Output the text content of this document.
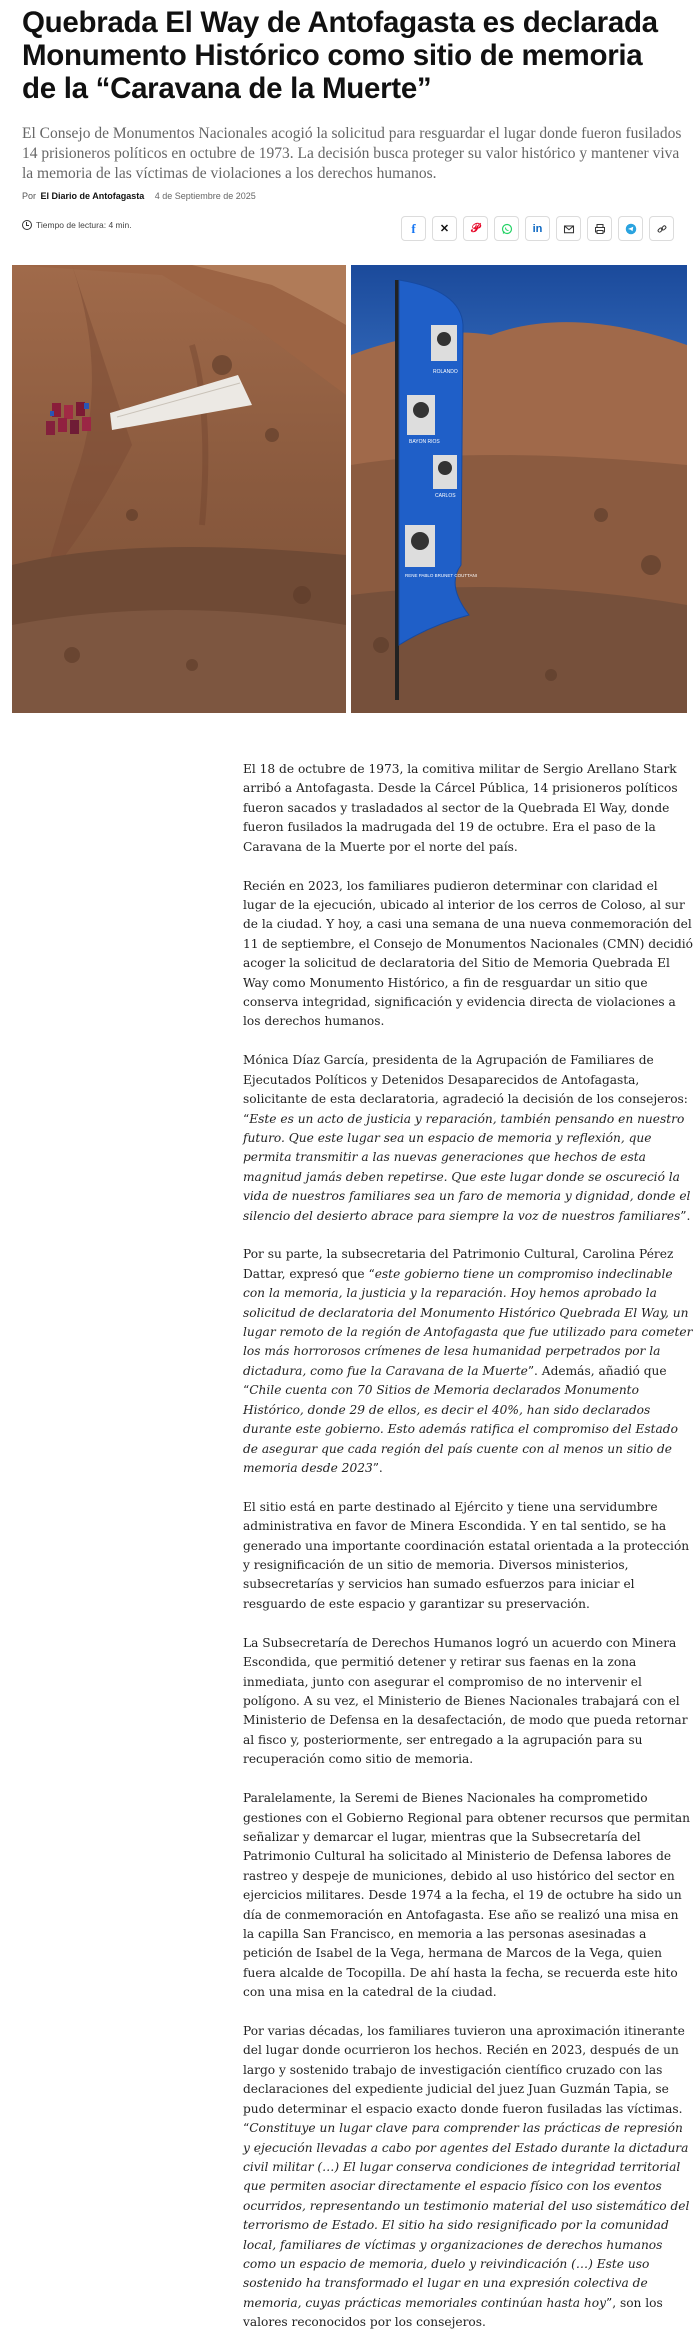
Quebrada El Way de Antofagasta es declarada Monumento Histórico como sitio de memoria de la “Caravana de la Muerte”

El Consejo de Monumentos Nacionales acogió la solicitud para resguardar el lugar donde fueron fusilados 14 prisioneros políticos en octubre de 1973. La decisión busca proteger su valor histórico y mantener viva la memoria de las víctimas de violaciones a los derechos humanos.

Por El Diario de Antofagasta 4 de Septiembre de 2025
Tiempo de lectura: 4 min.	f ✕ 𝒫	in
BAYON RIOS
ROLANDO
CARLOS
RENE PABLO BRUNET COUTTANI

El 18 de octubre de 1973, la comitiva militar de Sergio Arellano Stark arribó a Antofagasta. Desde la Cárcel Pública, 14 prisioneros políticos fueron sacados y trasladados al sector de la Quebrada El Way, donde fueron fusilados la madrugada del 19 de octubre. Era el paso de la Caravana de la Muerte por el norte del país.

Recién en 2023, los familiares pudieron determinar con claridad el lugar de la ejecución, ubicado al interior de los cerros de Coloso, al sur de la ciudad. Y hoy, a casi una semana de una nueva conmemoración del 11 de septiembre, el Consejo de Monumentos Nacionales (CMN) decidió acoger la solicitud de declaratoria del Sitio de Memoria Quebrada El Way como Monumento Histórico, a fin de resguardar un sitio que conserva integridad, significación y evidencia directa de violaciones a los derechos humanos.

Mónica Díaz García, presidenta de la Agrupación de Familiares de Ejecutados Políticos y Detenidos Desaparecidos de Antofagasta, solicitante de esta declaratoria, agradeció la decisión de los consejeros: “Este es un acto de justicia y reparación, también pensando en nuestro futuro. Que este lugar sea un espacio de memoria y reflexión, que permita transmitir a las nuevas generaciones que hechos de esta magnitud jamás deben repetirse. Que este lugar donde se oscureció la vida de nuestros familiares sea un faro de memoria y dignidad, donde el silencio del desierto abrace para siempre la voz de nuestros familiares”.

Por su parte, la subsecretaria del Patrimonio Cultural, Carolina Pérez Dattar, expresó que “este gobierno tiene un compromiso indeclinable con la memoria, la justicia y la reparación. Hoy hemos aprobado la solicitud de declaratoria del Monumento Histórico Quebrada El Way, un lugar remoto de la región de Antofagasta que fue utilizado para cometer los más horrorosos crímenes de lesa humanidad perpetrados por la dictadura, como fue la Caravana de la Muerte”. Además, añadió que “Chile cuenta con 70 Sitios de Memoria declarados Monumento Histórico, donde 29 de ellos, es decir el 40%, han sido declarados durante este gobierno. Esto además ratifica el compromiso del Estado de asegurar que cada región del país cuente con al menos un sitio de memoria desde 2023”.

El sitio está en parte destinado al Ejército y tiene una servidumbre administrativa en favor de Minera Escondida. Y en tal sentido, se ha generado una importante coordinación estatal orientada a la protección y resignificación de un sitio de memoria. Diversos ministerios, subsecretarías y servicios han sumado esfuerzos para iniciar el resguardo de este espacio y garantizar su preservación.

La Subsecretaría de Derechos Humanos logró un acuerdo con Minera Escondida, que permitió detener y retirar sus faenas en la zona inmediata, junto con asegurar el compromiso de no intervenir el polígono. A su vez, el Ministerio de Bienes Nacionales trabajará con el Ministerio de Defensa en la desafectación, de modo que pueda retornar al fisco y, posteriormente, ser entregado a la agrupación para su recuperación como sitio de memoria.

Paralelamente, la Seremi de Bienes Nacionales ha comprometido gestiones con el Gobierno Regional para obtener recursos que permitan señalizar y demarcar el lugar, mientras que la Subsecretaría del Patrimonio Cultural ha solicitado al Ministerio de Defensa labores de rastreo y despeje de municiones, debido al uso histórico del sector en ejercicios militares. Desde 1974 a la fecha, el 19 de octubre ha sido un día de conmemoración en Antofagasta. Ese año se realizó una misa en la capilla San Francisco, en memoria a las personas asesinadas a petición de Isabel de la Vega, hermana de Marcos de la Vega, quien fuera alcalde de Tocopilla. De ahí hasta la fecha, se recuerda este hito con una misa en la catedral de la ciudad.

Por varias décadas, los familiares tuvieron una aproximación itinerante del lugar donde ocurrieron los hechos. Recién en 2023, después de un largo y sostenido trabajo de investigación científico cruzado con las declaraciones del expediente judicial del juez Juan Guzmán Tapia, se pudo determinar el espacio exacto donde fueron fusiladas las víctimas. “Constituye un lugar clave para comprender las prácticas de represión y ejecución llevadas a cabo por agentes del Estado durante la dictadura civil militar (…) El lugar conserva condiciones de integridad territorial que permiten asociar directamente el espacio físico con los eventos ocurridos, representando un testimonio material del uso sistemático del terrorismo de Estado. El sitio ha sido resignificado por la comunidad local, familiares de víctimas y organizaciones de derechos humanos como un espacio de memoria, duelo y reivindicación (…) Este uso sostenido ha transformado el lugar en una expresión colectiva de memoria, cuyas prácticas memoriales continúan hasta hoy”, son los valores reconocidos por los consejeros.
